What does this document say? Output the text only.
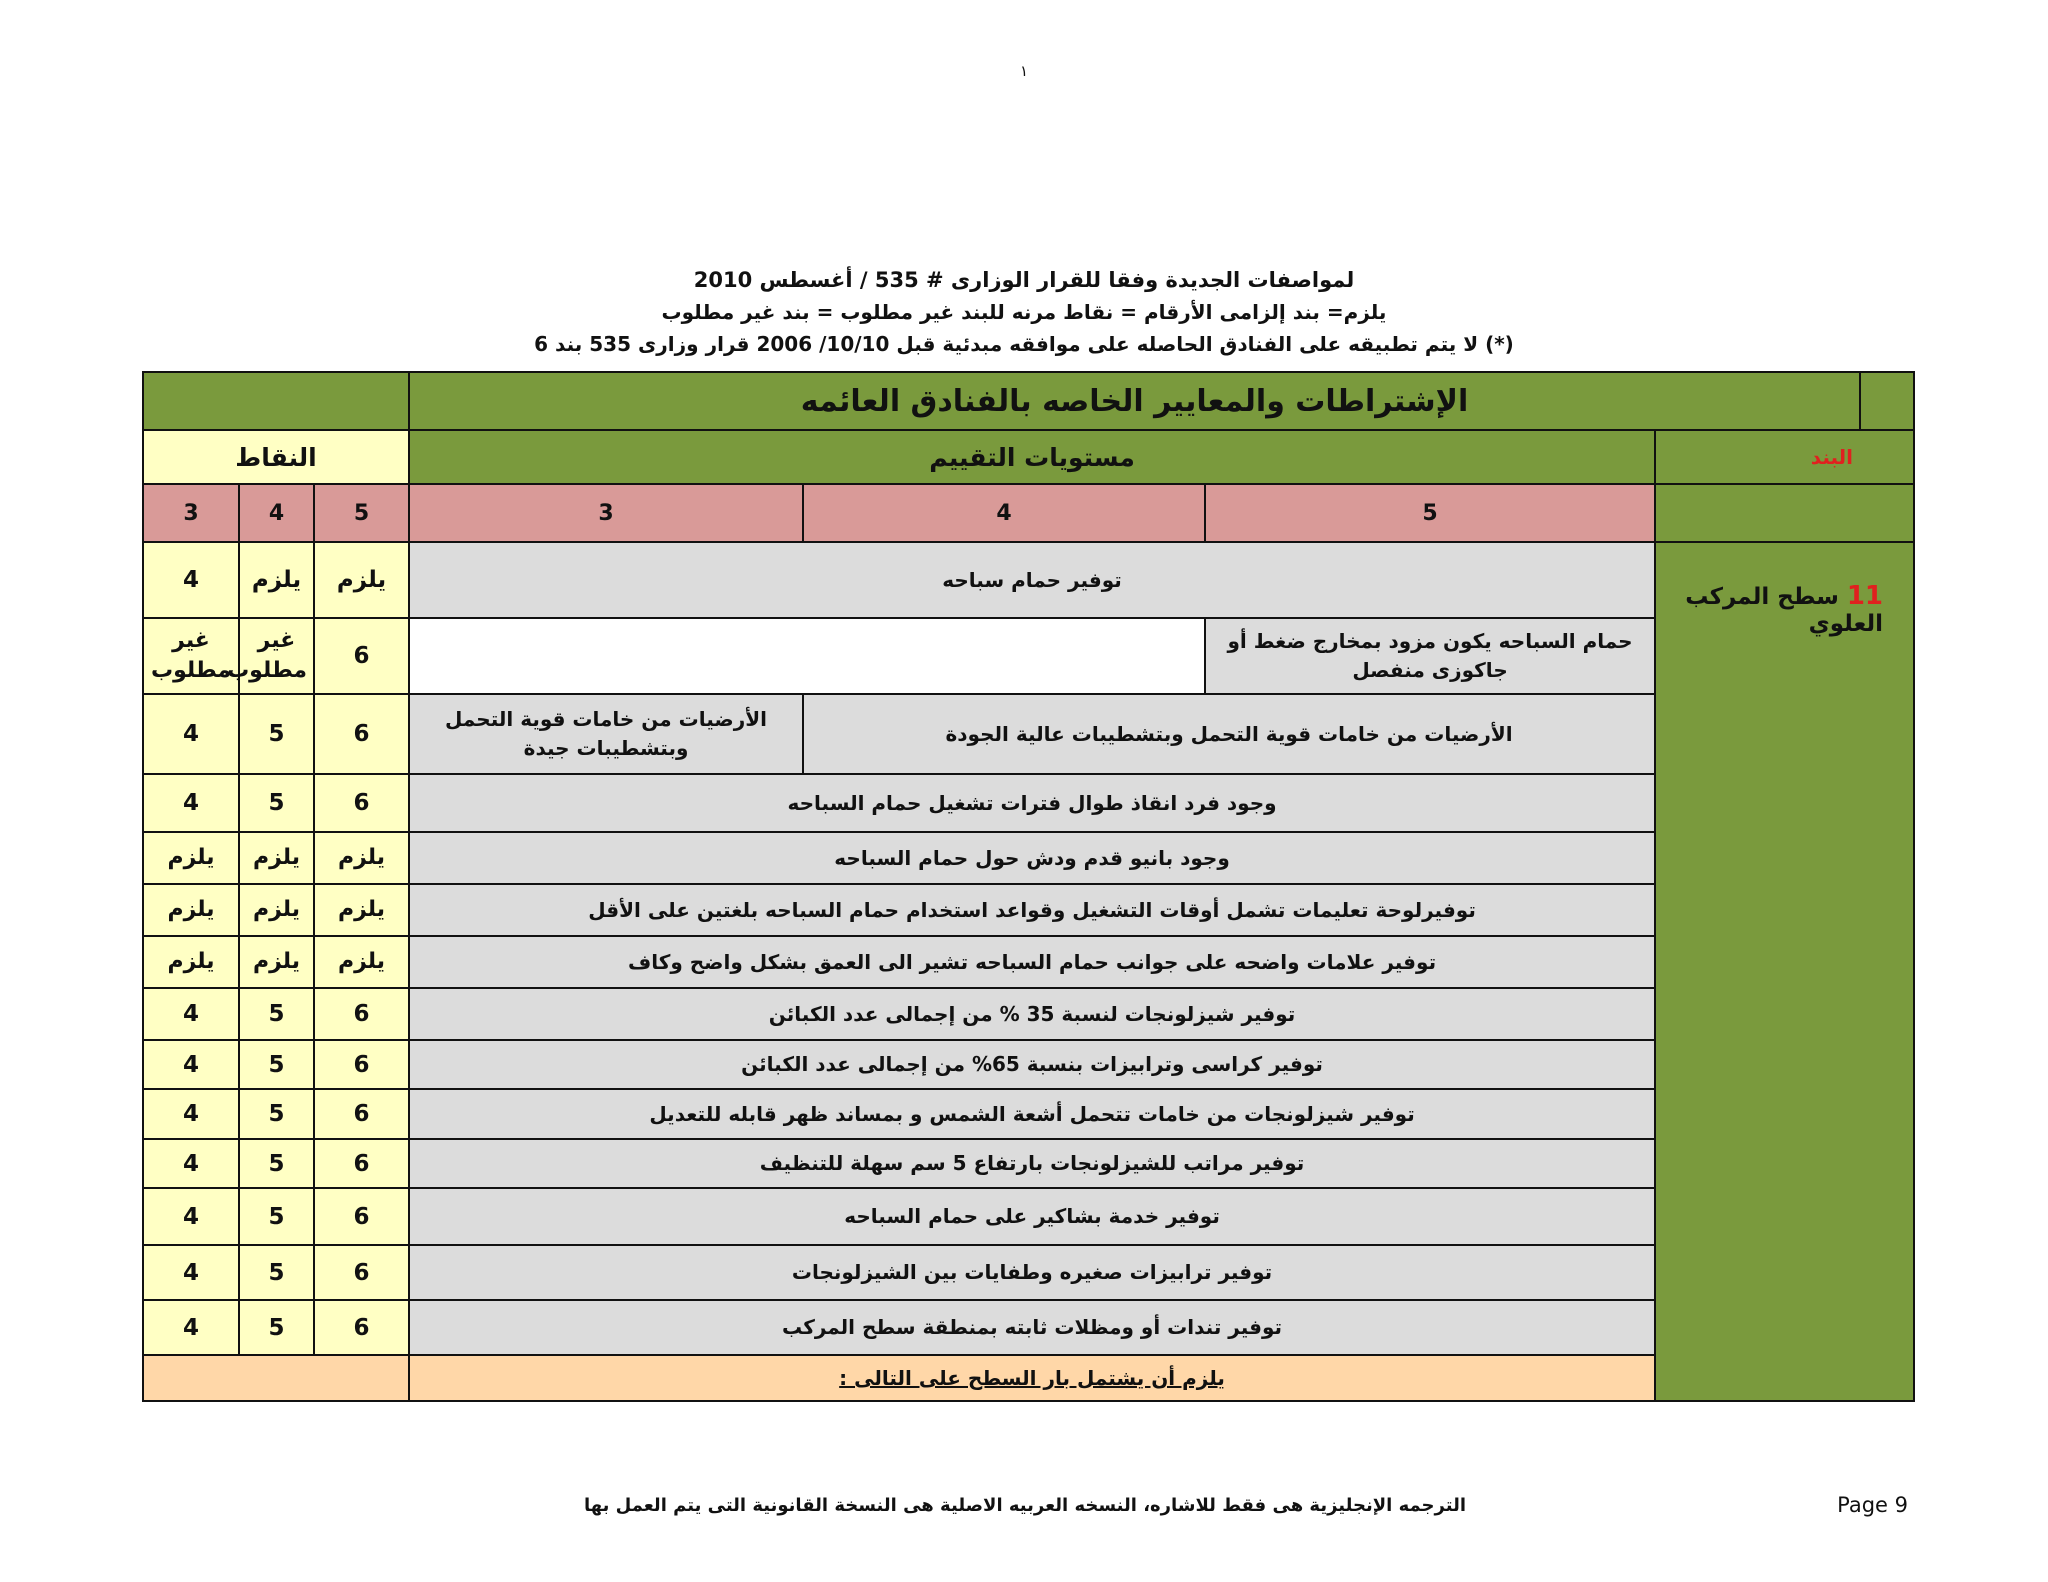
١
لمواصفات الجديدة وفقا للقرار الوزارى # 535 / أغسطس 2010
يلزم= بند إلزامى الأرقام = نقاط مرنه للبند غير مطلوب = بند غير مطلوب
(*) لا يتم تطبيقه على الفنادق الحاصله على موافقه مبدئية قبل 10/10/ 2006 قرار وزارى 535 بند 6
			الإشتراطات والمعايير الخاصه بالفنادق العائمه				
النقاط			مستويات التقييم			البند	
3	4	5	3	4	5		
4	يلزم	يلزم	توفير حمام سباحه			11 سطح المركب العلوي	
غير مطلوب	غير مطلوب	6			حمام السباحه يكون مزود بمخارج ضغط أو جاكوزى منفصل		
4	5	6	الأرضيات من خامات قوية التحمل وبتشطيبات جيدة	الأرضيات من خامات قوية التحمل وبتشطيبات عالية الجودة			
4	5	6	وجود فرد انقاذ طوال فترات تشغيل حمام السباحه				
يلزم	يلزم	يلزم	وجود بانيو قدم ودش حول حمام السباحه				
يلزم	يلزم	يلزم	توفيرلوحة تعليمات تشمل أوقات التشغيل وقواعد استخدام حمام السباحه بلغتين على الأقل				
يلزم	يلزم	يلزم	توفير علامات واضحه على جوانب حمام السباحه تشير الى العمق بشكل واضح وكاف				
4	5	6	توفير شيزلونجات لنسبة 35 % من إجمالى عدد الكبائن				
4	5	6	توفير كراسى وترابيزات بنسبة 65% من إجمالى عدد الكبائن				
4	5	6	توفير شيزلونجات من خامات تتحمل أشعة الشمس و بمساند ظهر قابله للتعديل				
4	5	6	توفير مراتب للشيزلونجات بارتفاع 5 سم سهلة للتنظيف				
4	5	6	توفير خدمة بشاكير على حمام السباحه				
4	5	6	توفير ترابيزات صغيره وطفايات بين الشيزلونجات				
4	5	6	توفير تندات أو ومظلات ثابته بمنطقة سطح المركب				
			يلزم أن يشتمل بار السطح على التالى :				
الترجمه الإنجليزية هى فقط للاشاره، النسخه العربيه الاصلية هى النسخة القانونية التى يتم العمل بها	Page 9
